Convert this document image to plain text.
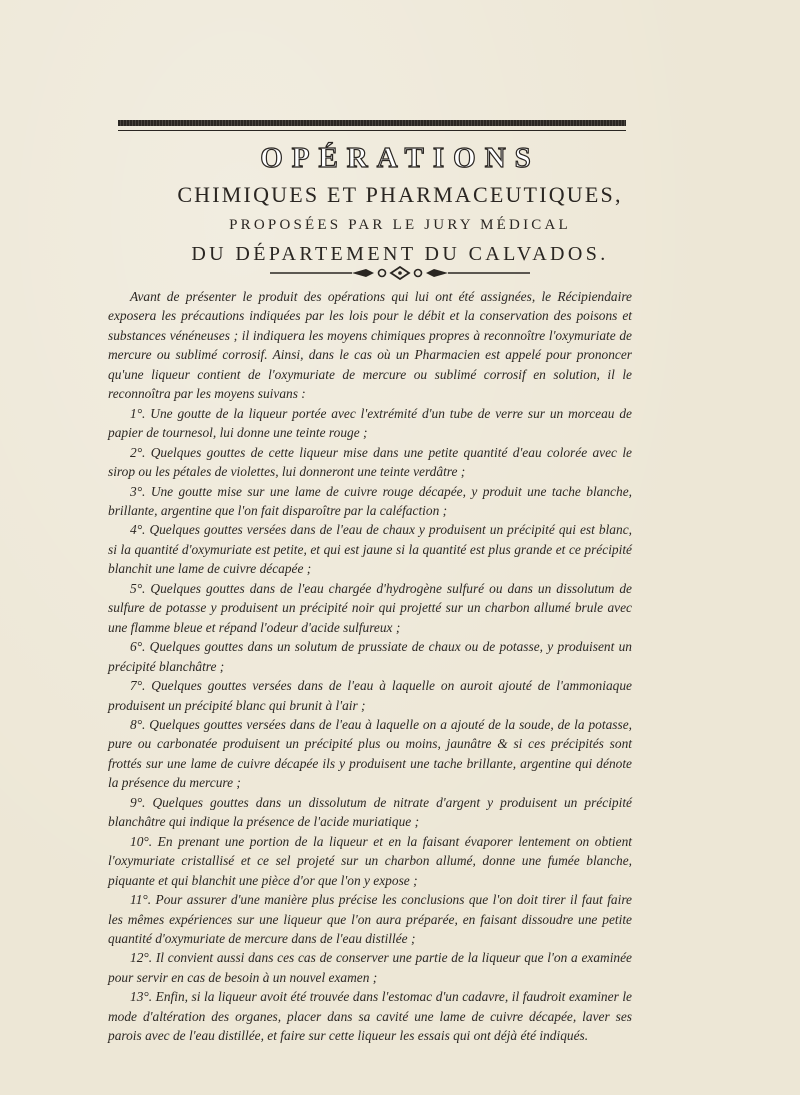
OPÉRATIONS
CHIMIQUES ET PHARMACEUTIQUES,
PROPOSÉES PAR LE JURY MÉDICAL
DU DÉPARTEMENT DU CALVADOS.

Avant de présenter le produit des opérations qui lui ont été assignées, le Récipiendaire exposera les précautions indiquées par les lois pour le débit et la conservation des poisons et substances vénéneuses ; il indiquera les moyens chimiques propres à reconnoître l'oxymuriate de mercure ou sublimé corrosif. Ainsi, dans le cas où un Pharmacien est appelé pour prononcer qu'une liqueur contient de l'oxymuriate de mercure ou sublimé corrosif en solution, il le reconnoîtra par les moyens suivans :

1°. Une goutte de la liqueur portée avec l'extrémité d'un tube de verre sur un morceau de papier de tournesol, lui donne une teinte rouge ;

2°. Quelques gouttes de cette liqueur mise dans une petite quantité d'eau colorée avec le sirop ou les pétales de violettes, lui donneront une teinte verdâtre ;

3°. Une goutte mise sur une lame de cuivre rouge décapée, y produit une tache blanche, brillante, argentine que l'on fait disparoître par la caléfaction ;

4°. Quelques gouttes versées dans de l'eau de chaux y produisent un précipité qui est blanc, si la quantité d'oxymuriate est petite, et qui est jaune si la quantité est plus grande et ce précipité blanchit une lame de cuivre décapée ;

5°. Quelques gouttes dans de l'eau chargée d'hydrogène sulfuré ou dans un dissolutum de sulfure de potasse y produisent un précipité noir qui projetté sur un charbon allumé brule avec une flamme bleue et répand l'odeur d'acide sulfureux ;

6°. Quelques gouttes dans un solutum de prussiate de chaux ou de potasse, y produisent un précipité blanchâtre ;

7°. Quelques gouttes versées dans de l'eau à laquelle on auroit ajouté de l'ammoniaque produisent un précipité blanc qui brunit à l'air ;

8°. Quelques gouttes versées dans de l'eau à laquelle on a ajouté de la soude, de la potasse, pure ou carbonatée produisent un précipité plus ou moins, jaunâtre & si ces précipités sont frottés sur une lame de cuivre décapée ils y produisent une tache brillante, argentine qui dénote la présence du mercure ;

9°. Quelques gouttes dans un dissolutum de nitrate d'argent y produisent un précipité blanchâtre qui indique la présence de l'acide muriatique ;

10°. En prenant une portion de la liqueur et en la faisant évaporer lentement on obtient l'oxymuriate cristallisé et ce sel projeté sur un charbon allumé, donne une fumée blanche, piquante et qui blanchit une pièce d'or que l'on y expose ;

11°. Pour assurer d'une manière plus précise les conclusions que l'on doit tirer il faut faire les mêmes expériences sur une liqueur que l'on aura préparée, en faisant dissoudre une petite quantité d'oxymuriate de mercure dans de l'eau distillée ;

12°. Il convient aussi dans ces cas de conserver une partie de la liqueur que l'on a examinée pour servir en cas de besoin à un nouvel examen ;

13°. Enfin, si la liqueur avoit été trouvée dans l'estomac d'un cadavre, il faudroit examiner le mode d'altération des organes, placer dans sa cavité une lame de cuivre décapée, laver ses parois avec de l'eau distillée, et faire sur cette liqueur les essais qui ont déjà été indiqués.
